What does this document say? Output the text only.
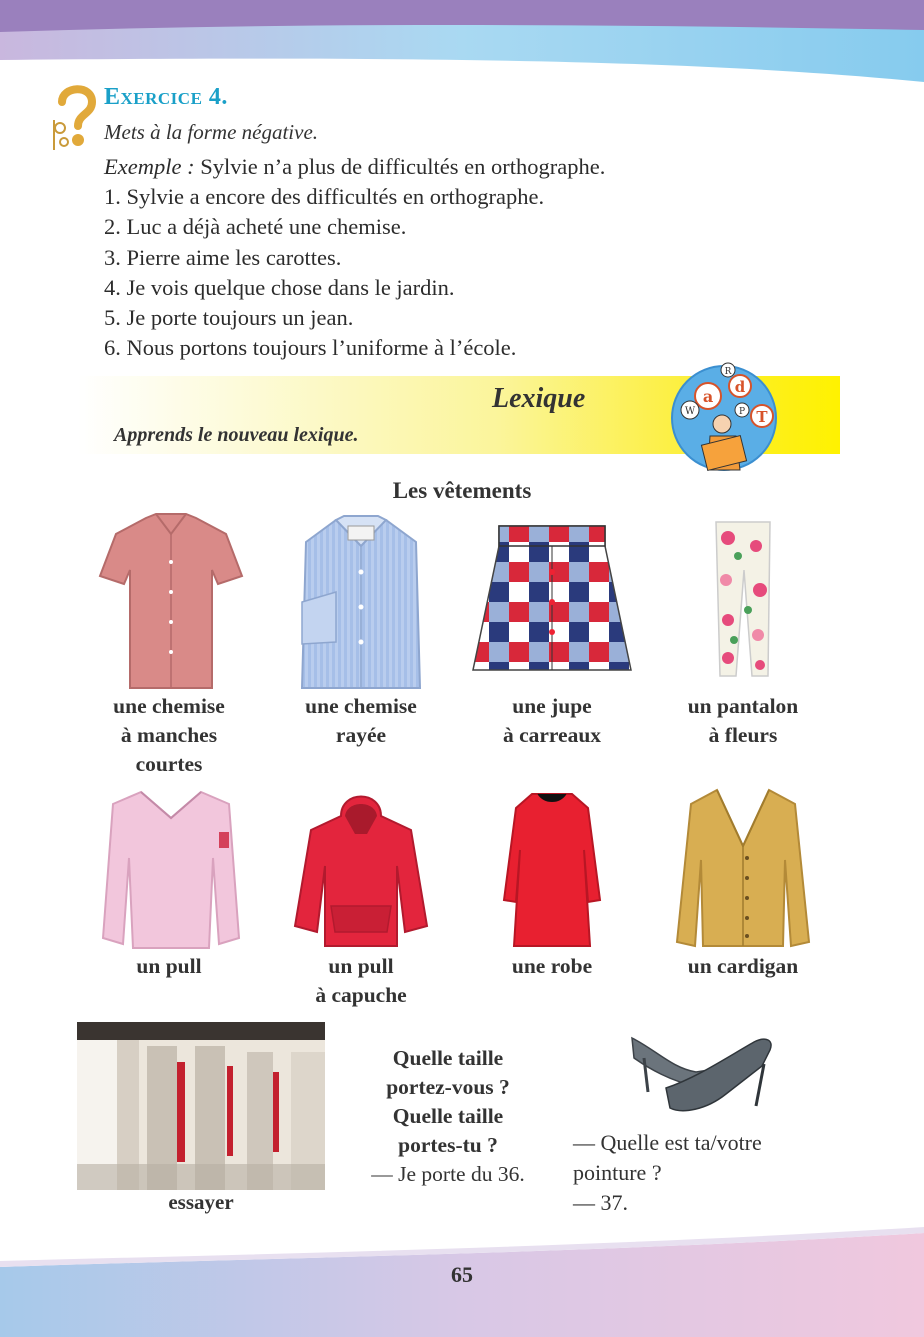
Exercice 4.
Mets à la forme négative.
Exemple : Sylvie n’a plus de difficultés en orthographe.
1. Sylvie a encore des difficultés en orthographe.
2. Luc a déjà acheté une chemise.
3. Pierre aime les carottes.
4. Je vois quelque chose dans le jardin.
5. Je porte toujours un jean.
6. Nous portons toujours l’uniforme à l’école.
Lexique
Apprends le nouveau lexique.
a d
T
R
W	P
Les vêtements
une chemise
à manches
courtes
une chemise
rayée
une jupe
à carreaux
un pantalon
à fleurs
un pull	un pull
à capuche
une robe	un cardigan
essayer
Quelle taille
portez-vous ?
Quelle taille
portes-tu ?
— Je porte du 36.
— Quelle est ta/votre
pointure ?
— 37.
65
